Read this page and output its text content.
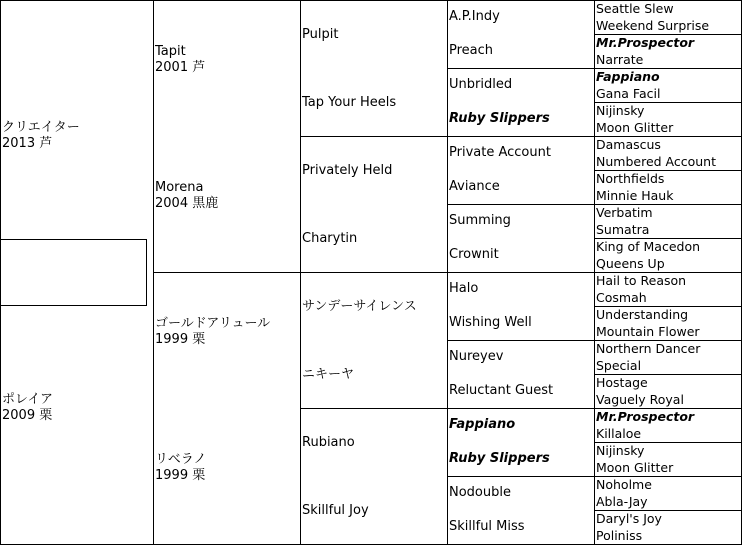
クリエイター
2013 芦
ポレイア
2009 栗
Tapit
2001 芦
Morena
2004 黒鹿
ゴールドアリュール
1999 栗
リベラノ
1999 栗
Pulpit
Tap Your Heels
Privately Held
Charytin
サンデーサイレンス
ニキーヤ
Rubiano
Skillful Joy
A.P.Indy
Preach
Unbridled
Ruby Slippers
Private Account
Aviance
Summing
Crownit
Halo
Wishing Well
Nureyev
Reluctant Guest
Fappiano
Ruby Slippers
Nodouble
Skillful Miss
Seattle Slew
Weekend Surprise
Mr.Prospector
Narrate
Fappiano
Gana Facil
Nijinsky
Moon Glitter
Damascus
Numbered Account
Northfields
Minnie Hauk
Verbatim
Sumatra
King of Macedon
Queens Up
Hail to Reason
Cosmah
Understanding
Mountain Flower
Northern Dancer
Special
Hostage
Vaguely Royal
Mr.Prospector
Killaloe
Nijinsky
Moon Glitter
Noholme
Abla-Jay
Daryl's Joy
Poliniss
